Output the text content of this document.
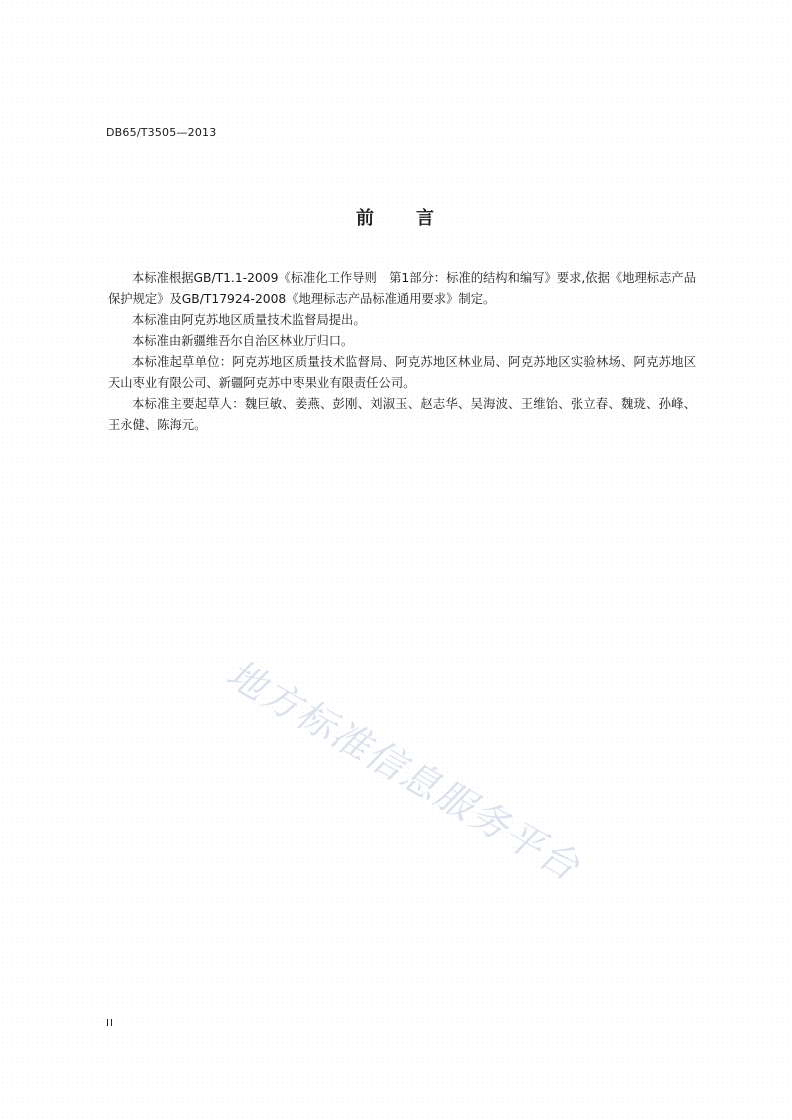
DB65/T3505—2013
前 言

本标准根据GB/T1.1-2009《标准化工作导则　第1部分：标准的结构和编写》要求,依据《地理标志产品保护规定》及GB/T17924-2008《地理标志产品标准通用要求》制定。

本标准由阿克苏地区质量技术监督局提出。

本标准由新疆维吾尔自治区林业厅归口。

本标准起草单位：阿克苏地区质量技术监督局、阿克苏地区林业局、阿克苏地区实验林场、阿克苏地区天山枣业有限公司、新疆阿克苏中枣果业有限责任公司。

本标准主要起草人：魏巨敏、姜燕、彭刚、刘淑玉、赵志华、吴海波、王维饴、张立春、魏珑、孙峰、王永健、陈海元。

地方标准信息服务平台
II
